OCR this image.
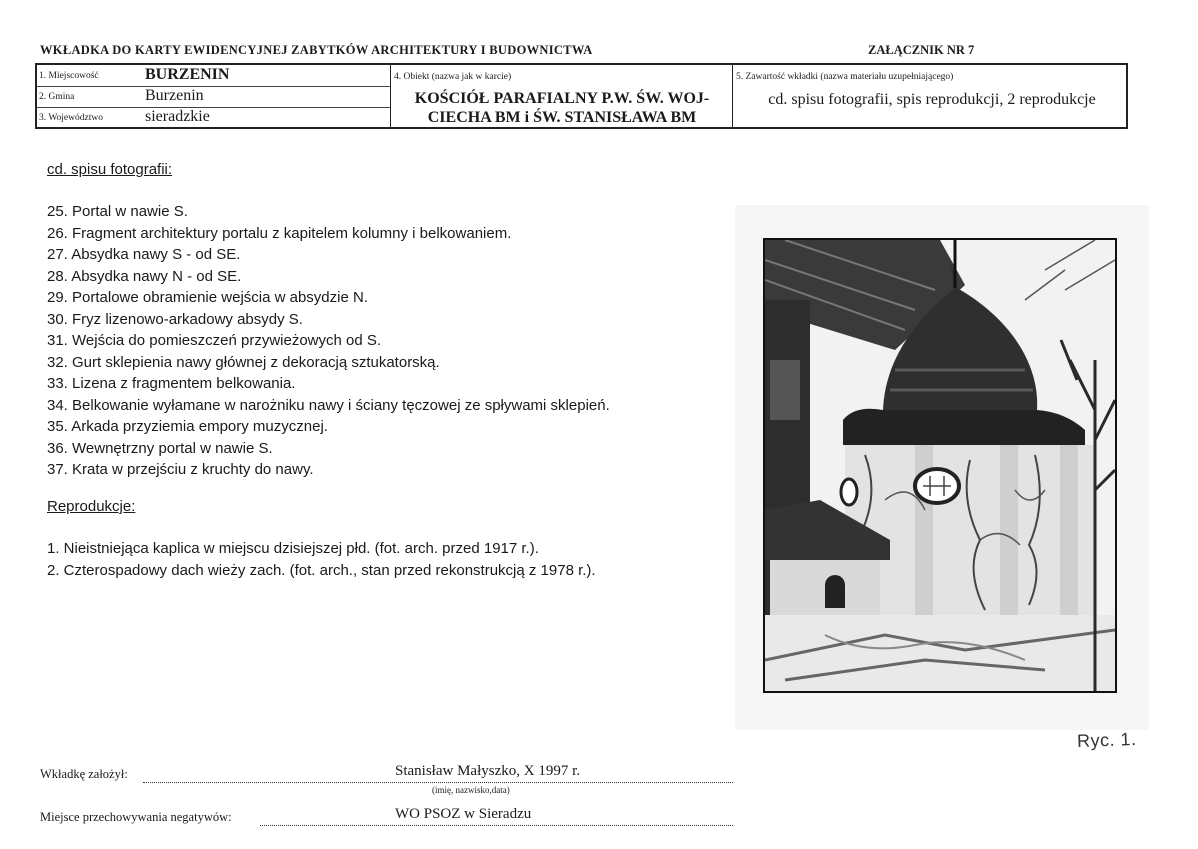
WKŁADKA DO KARTY EWIDENCYJNEJ ZABYTKÓW ARCHITEKTURY I BUDOWNICTWA	ZAŁĄCZNIK NR 7
1. Miejscowość	BURZENIN
2. Gmina	Burzenin
3. Województwo	sieradzkie
4. Obiekt (nazwa jak w karcie)
KOŚCIÓŁ PARAFIALNY P.W. ŚW. WOJ-
CIECHA BM i ŚW. STANISŁAWA BM
5. Zawartość wkładki (nazwa materiału uzupełniającego)
cd. spisu fotografii, spis reprodukcji, 2 reprodukcje
cd. spisu fotografii:
25. Portal w nawie S.
26. Fragment architektury portalu z kapitelem kolumny i belkowaniem.
27. Absydka nawy S - od SE.
28. Absydka nawy N - od SE.
29. Portalowe obramienie wejścia w absydzie N.
30. Fryz lizenowo-arkadowy absydy S.
31. Wejścia do pomieszczeń przywieżowych od S.
32. Gurt sklepienia nawy głównej z dekoracją sztukatorską.
33. Lizena z fragmentem belkowania.
34. Belkowanie wyłamane w narożniku nawy i ściany tęczowej ze spływami sklepień.
35. Arkada przyziemia empory muzycznej.
36. Wewnętrzny portal w nawie S.
37. Krata w przejściu z kruchty do nawy.
Reprodukcje:
1. Nieistniejąca kaplica w miejscu dzisiejszej płd. (fot. arch. przed 1917 r.).
2. Czterospadowy dach wieży zach. (fot. arch., stan przed rekonstrukcją z 1978 r.).
Ryc. 1.
Wkładkę założył:	Stanisław Małyszko, X 1997 r.
(imię, nazwisko,data)
Miejsce przechowywania negatywów:	WO PSOZ w Sieradzu
